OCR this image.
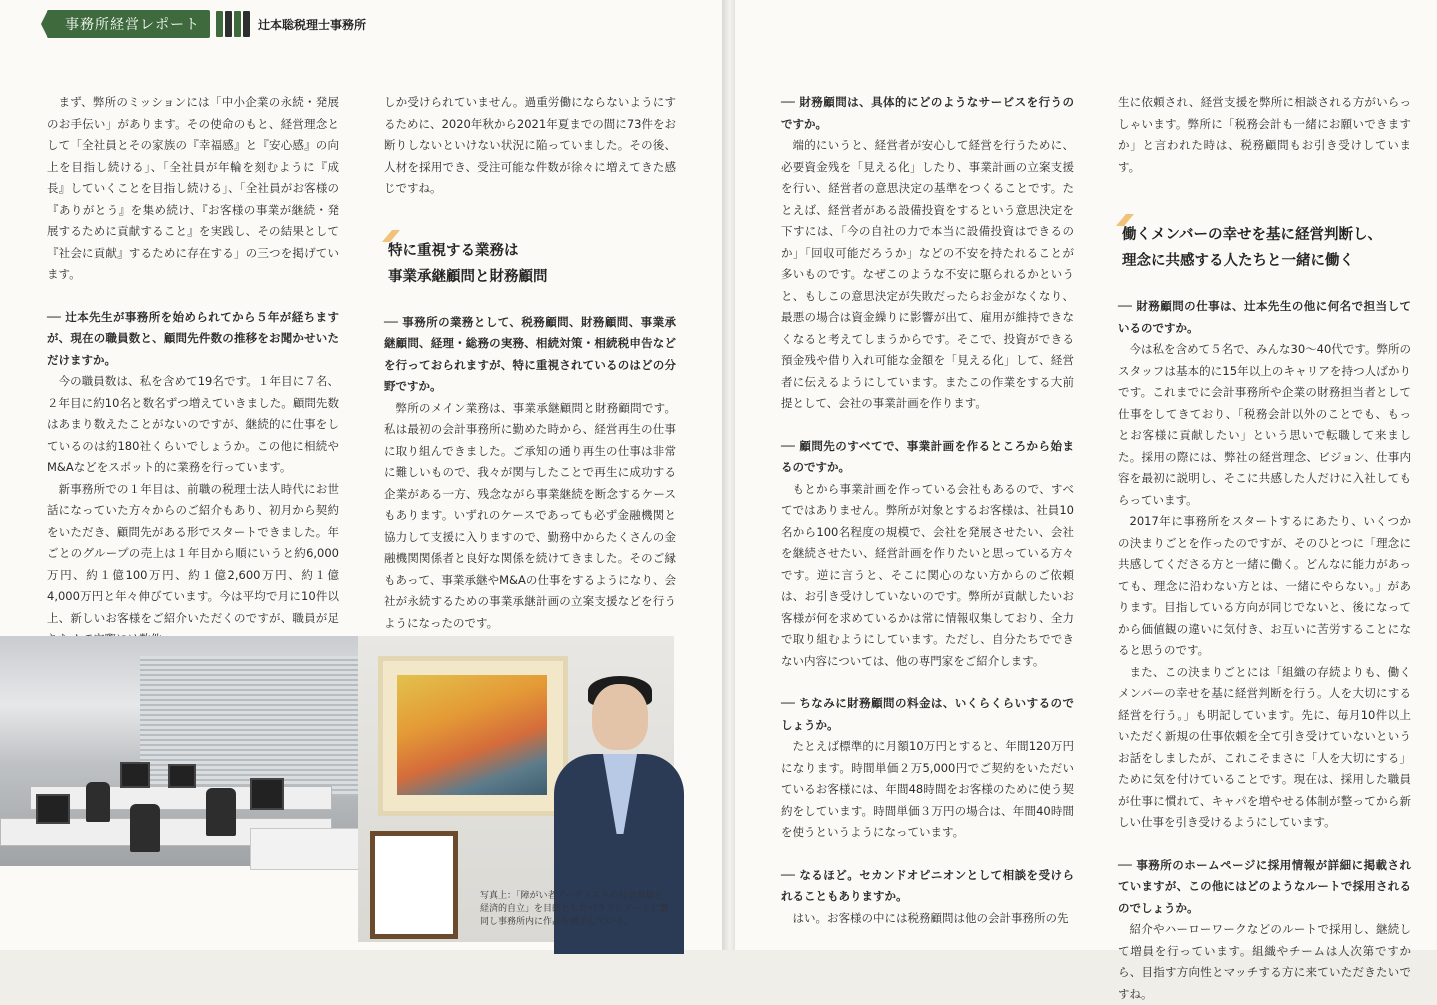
事務所経営レポート	辻本聡税理士事務所

まず、弊所のミッションには「中小企業の永続・発展のお手伝い」があります。その使命のもと、経営理念として「全社員とその家族の『幸福感』と『安心感』の向上を目指し続ける」、「全社員が年輪を刻むように『成長』していくことを目指し続ける」、「全社員がお客様の『ありがとう』を集め続け、『お客様の事業が継続・発展するために貢献すること』を実践し、その結果として『社会に貢献』するために存在する」の三つを掲げています。

── 辻本先生が事務所を始められてから５年が経ちますが、現在の職員数と、顧問先件数の推移をお聞かせいただけますか。

今の職員数は、私を含めて19名です。１年目に７名、２年目に約10名と数名ずつ増えていきました。顧問先数はあまり数えたことがないのですが、継続的に仕事をしているのは約180社くらいでしょうか。この他に相続やM&Aなどをスポット的に業務を行っています。

新事務所での１年目は、前職の税理士法人時代にお世話になっていた方々からのご紹介もあり、初月から契約をいただき、顧問先がある形でスタートできました。年ごとのグループの売上は１年目から順にいうと約6,000万円、約１億100万円、約１億2,600万円、約１億4,000万円と年々伸びています。今は平均で月に10件以上、新しいお客様をご紹介いただくのですが、職員が足

しか受けられていません。過重労働にならないようにするために、2020年秋から2021年夏までの間に73件をお断りしないといけない状況に陥っていました。その後、人材を採用でき、受注可能な件数が徐々に増えてきた感じですね。

特に重視する業務は
事業承継顧問と財務顧問

── 事務所の業務として、税務顧問、財務顧問、事業承継顧問、経理・総務の実務、相続対策・相続税申告などを行っておられますが、特に重視されているのはどの分野ですか。

弊所のメイン業務は、事業承継顧問と財務顧問です。私は最初の会計事務所に勤めた時から、経営再生の仕事に取り組んできました。ご承知の通り再生の仕事は非常に難しいもので、我々が関与したことで再生に成功する企業がある一方、残念ながら事業継続を断念するケースもあります。いずれのケースであっても必ず金融機関と協力して支援に入りますので、勤務中からたくさんの金融機関関係者と良好な関係を続けてきました。そのご縁もあって、事業承継やM&Aの仕事をするようになり、会社が永続するための事業承継計画の立案支援などを行うようになったのです。

写真上：「障がい者アーティストの社会参加と経済的自立」を目的としたパラリンアートに賛同し事務所内に作品を展示している。

── 財務顧問は、具体的にどのようなサービスを行うのですか。

端的にいうと、経営者が安心して経営を行うために、必要資金残を「見える化」したり、事業計画の立案支援を行い、経営者の意思決定の基準をつくることです。たとえば、経営者がある設備投資をするという意思決定を下すには、「今の自社の力で本当に設備投資はできるのか」「回収可能だろうか」などの不安を持たれることが多いものです。なぜこのような不安に駆られるかというと、もしこの意思決定が失敗だったらお金がなくなり、最悪の場合は資金繰りに影響が出て、雇用が維持できなくなると考えてしまうからです。そこで、投資ができる預金残や借り入れ可能な金額を「見える化」して、経営者に伝えるようにしています。またこの作業をする大前提として、会社の事業計画を作ります。

── 顧問先のすべてで、事業計画を作るところから始まるのですか。

もとから事業計画を作っている会社もあるので、すべてではありません。弊所が対象とするお客様は、社員10名から100名程度の規模で、会社を発展させたい、会社を継続させたい、経営計画を作りたいと思っている方々です。逆に言うと、そこに関心のない方からのご依頼は、お引き受けしていないのです。弊所が貢献したいお客様が何を求めているかは常に情報収集しており、全力で取り組むようにしています。ただし、自分たちでできない内容については、他の専門家をご紹介します。

── ちなみに財務顧問の料金は、いくらくらいするのでしょうか。

たとえば標準的に月額10万円とすると、年間120万円になります。時間単価２万5,000円でご契約をいただいているお客様には、年間48時間をお客様のために使う契約をしています。時間単価３万円の場合は、年間40時間を使うというようになっています。

── なるほど。セカンドオピニオンとして相談を受けられることもありますか。

はい。お客様の中には税務顧問は他の会計事務所の先

生に依頼され、経営支援を弊所に相談される方がいらっしゃいます。弊所に「税務会計も一緒にお願いできますか」と言われた時は、税務顧問もお引き受けしています。

働くメンバーの幸せを基に経営判断し、
理念に共感する人たちと一緒に働く

── 財務顧問の仕事は、辻本先生の他に何名で担当しているのですか。

今は私を含めて５名で、みんな30～40代です。弊所のスタッフは基本的に15年以上のキャリアを持つ人ばかりです。これまでに会計事務所や企業の財務担当者として仕事をしてきており、「税務会計以外のことでも、もっとお客様に貢献したい」という思いで転職して来ました。採用の際には、弊社の経営理念、ビジョン、仕事内容を最初に説明し、そこに共感した人だけに入社してもらっています。

2017年に事務所をスタートするにあたり、いくつかの決まりごとを作ったのですが、そのひとつに「理念に共感してくださる方と一緒に働く。どんなに能力があっても、理念に沿わない方とは、一緒にやらない。」があります。目指している方向が同じでないと、後になってから価値観の違いに気付き、お互いに苦労することになると思うのです。

また、この決まりごとには「組織の存続よりも、働くメンバーの幸せを基に経営判断を行う。人を大切にする経営を行う。」も明記しています。先に、毎月10件以上いただく新規の仕事依頼を全て引き受けていないというお話をしましたが、これこそまさに「人を大切にする」ために気を付けていることです。現在は、採用した職員が仕事に慣れて、キャパを増やせる体制が整ってから新しい仕事を引き受けるようにしています。

── 事務所のホームページに採用情報が詳細に掲載されていますが、この他にはどのようなルートで採用されるのでしょうか。

紹介やハーローワークなどのルートで採用し、継続して増員を行っています。組織やチームは人次第ですから、目指す方向性とマッチする方に来ていただきたいですね。
